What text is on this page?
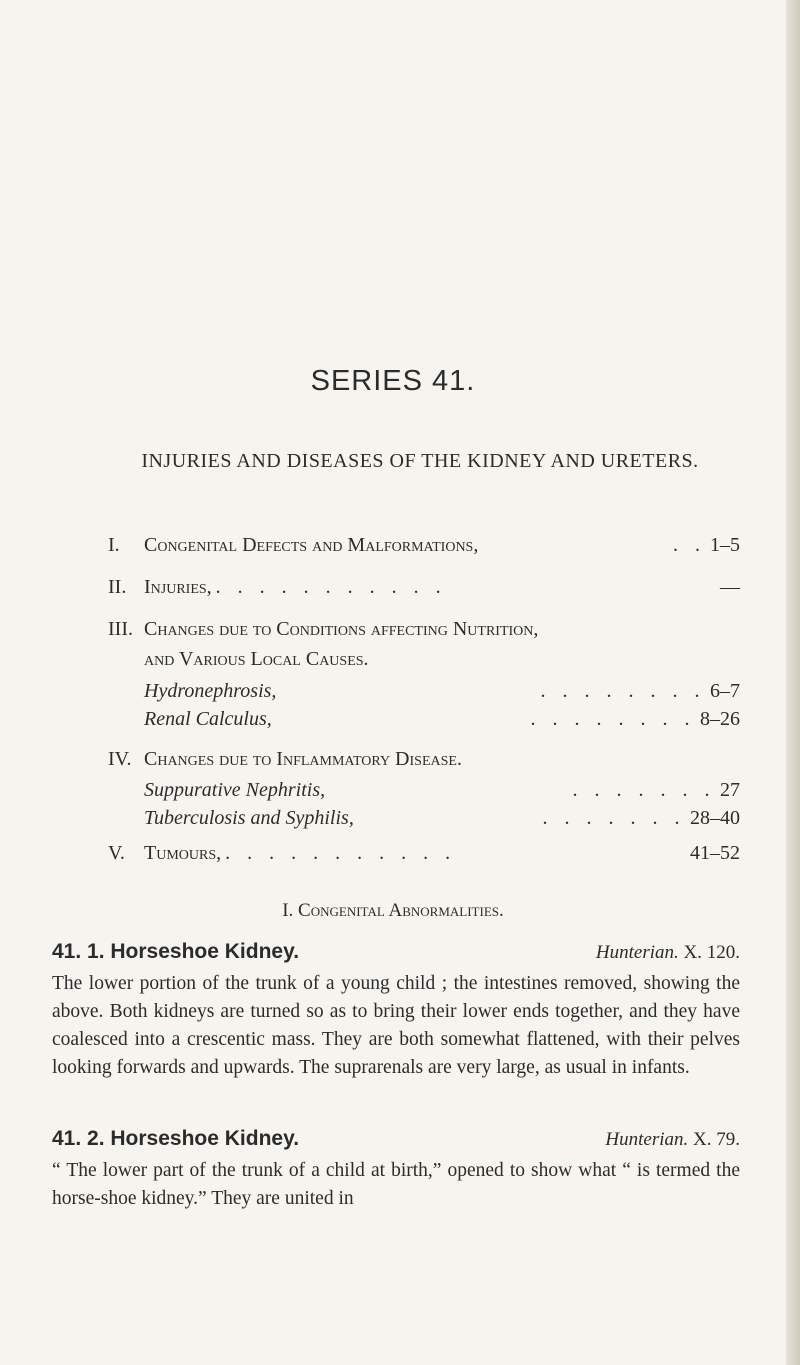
SERIES 41.
INJURIES AND DISEASES OF THE KIDNEY AND URETERS.
I.	Congenital Defects and Malformations,	. . 1–5
II. Injuries, . . . . . . . . . . .	—
III. Changes due to Conditions affecting Nutrition,
and Various Local Causes.
Hydronephrosis,	. . . . . . . . 6–7
Renal Calculus,	. . . . . . . . 8–26
IV. Changes due to Inflammatory Disease.
Suppurative Nephritis,	. . . . . . . 27
Tuberculosis and Syphilis,	. . . . . . . 28–40
V. Tumours, . . . . . . . . . . .	41–52
I. Congenital Abnormalities.
41. 1. Horseshoe Kidney.	Hunterian. X. 120.
The lower portion of the trunk of a young child ; the intestines removed, showing the above. Both kidneys are turned so as to bring their lower ends together, and they have coalesced into a crescentic mass. They are both somewhat flattened, with their pelves looking forwards and upwards. The suprarenals are very large, as usual in infants.
41. 2. Horseshoe Kidney.	Hunterian. X. 79.
“ The lower part of the trunk of a child at birth,” opened to show what “ is termed the horse-shoe kidney.” They are united in
